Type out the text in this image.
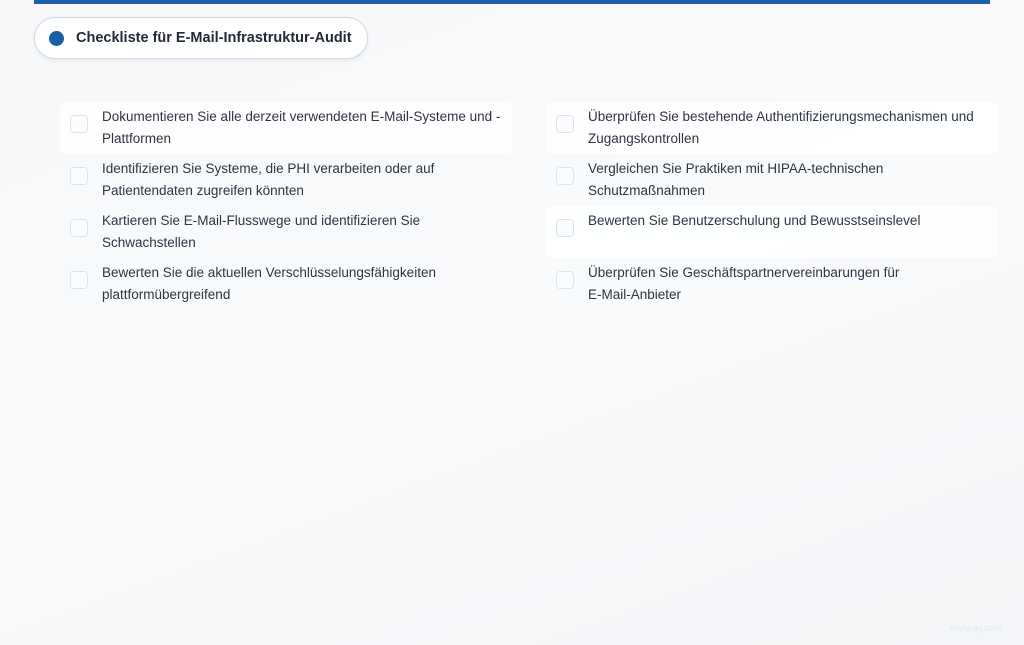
Checkliste für E-Mail-Infrastruktur-Audit
Dokumentieren Sie alle derzeit verwendeten E-Mail-Systeme und -Plattformen
Überprüfen Sie bestehende Authentifizierungsmechanismen und Zugangskontrollen
Identifizieren Sie Systeme, die PHI verarbeiten oder auf Patientendaten zugreifen könnten
Vergleichen Sie Praktiken mit HIPAA-technischen Schutzmaßnahmen
Kartieren Sie E-Mail-Flusswege und identifizieren Sie Schwachstellen
Bewerten Sie Benutzerschulung und Bewusstseinslevel
Bewerten Sie die aktuellen Verschlüsselungsfähigkeiten plattformübergreifend
Überprüfen Sie Geschäftspartnervereinbarungen für E-Mail-Anbieter
skysnag.com
